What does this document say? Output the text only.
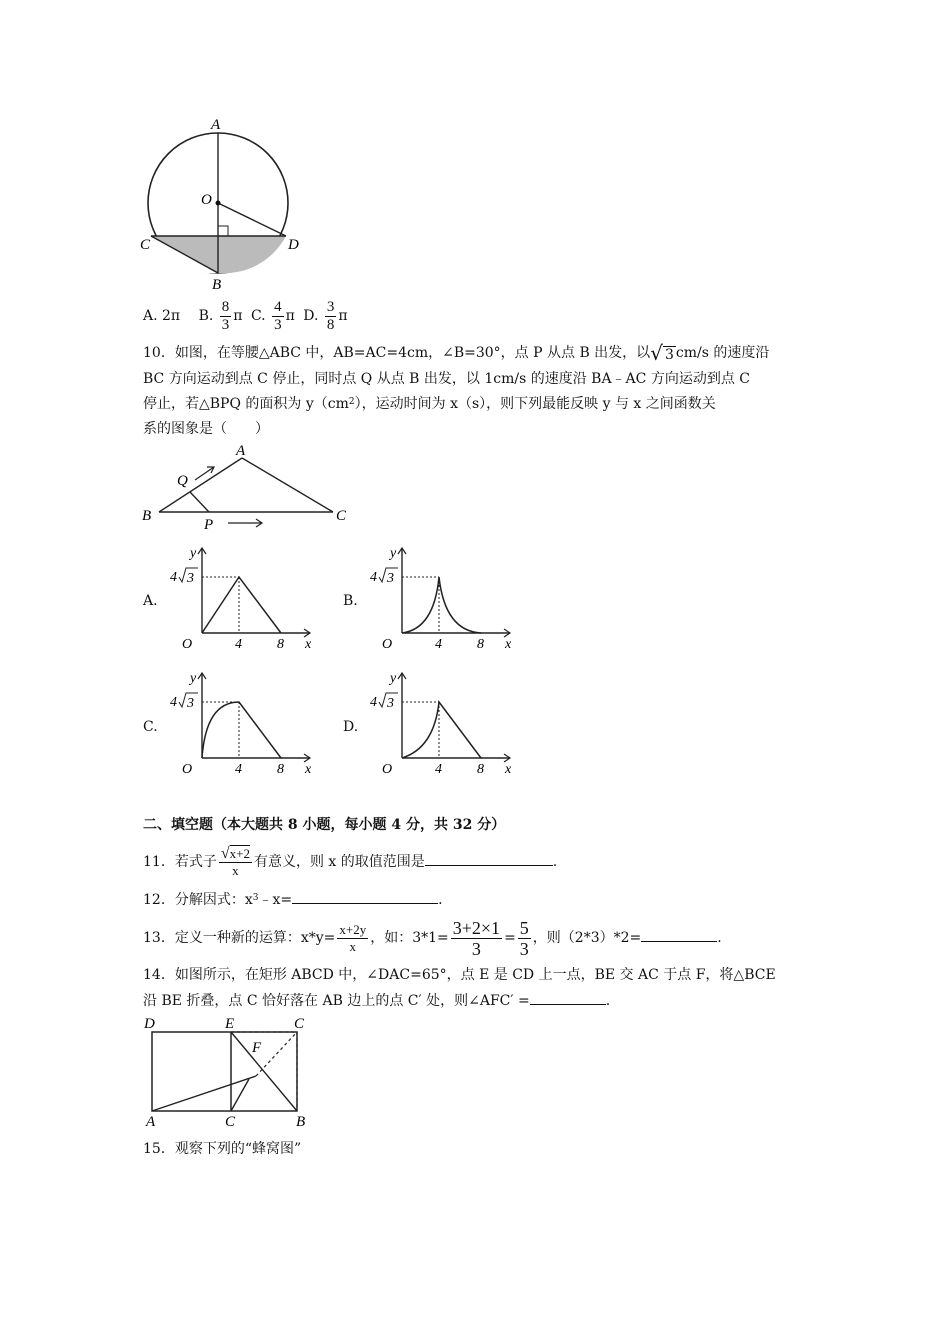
A
O
C	D
B
A. 2π B. $\frac{8}{3}$ π C. $\frac{4}{3}$ π D. $\frac{3}{8}$ π
10．如图，在等腰△ABC 中，AB=AC=4cm，∠B=30°，点 P 从点 B 出发，以 √ 3 cm/s 的速度沿
BC 方向运动到点 C 停止，同时点 Q 从点 B 出发，以 1cm/s 的速度沿 BA﹣AC 方向运动到点 C
停止，若△BPQ 的面积为 $y(cm^2)$，运动时间为 x（s），则下列最能反映 y 与 x 之间函数关
系的图象是（　　）
A
Q
B
P
C
A.
y
x
O	4	8
4 3
B.
y
x
O	4	8
4 3
C.
y
x
O	4	8
4 3
D.
y
x
O	4	8
4 3
二、填空题（本大题共 8 小题，每小题 4 分，共 32 分）
11．若式子 $\frac{√x+2}{x}$ 有意义，则 x 的取值范围是	.
12．分解因式：$x^3﹣x=$	.
13．定义一种新的运算：$x*y= \frac{x+2y}{x}$ ，如：$3*1= \frac{3+2\times 1}{3} = \frac{5}{3}$ ，则（2*3）*2=	.
14．如图所示，在矩形 ABCD 中，∠DAC=65°，点 E 是 CD 上一点，BE 交 AC 于点 F，将△BCE
沿 BE 折叠，点 C 恰好落在 AB 边上的点 C′ 处，则∠AFC′ =	.
D	E	C
F
A	C	B
15．观察下列的“蜂窝图”
